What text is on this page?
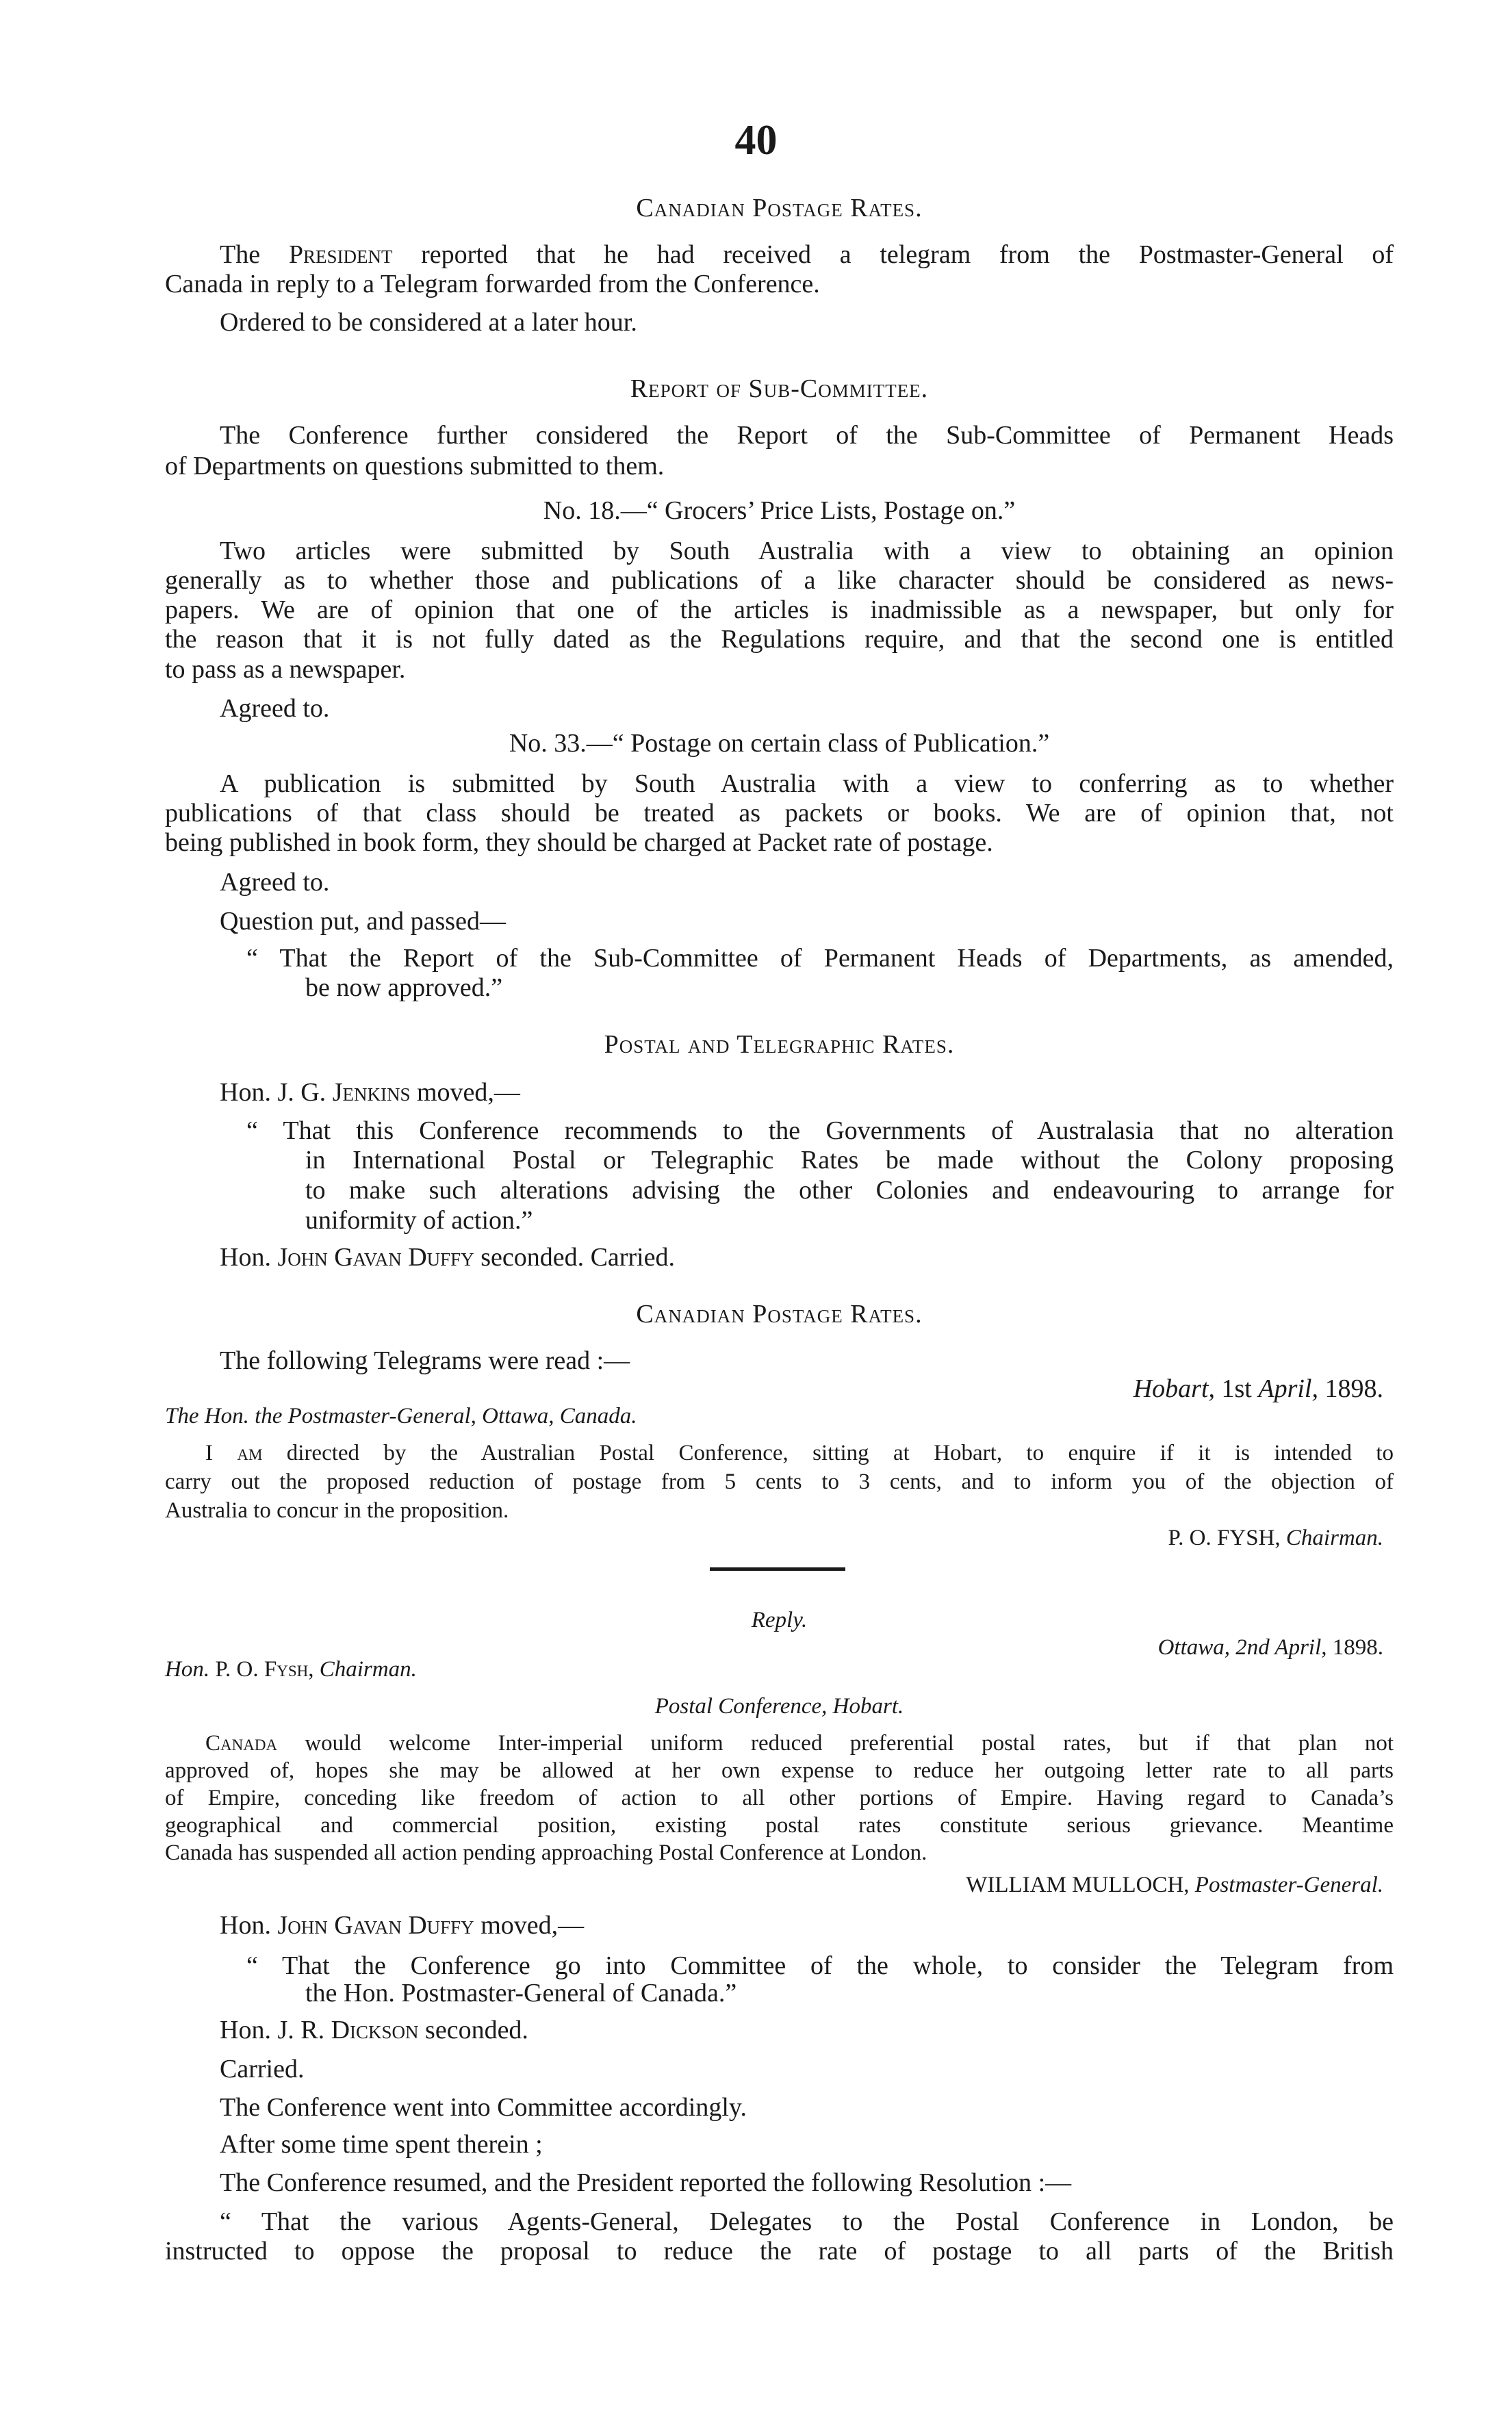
40
Canadian Postage Rates.
The President reported that he had received a telegram from the Postmaster-General of
Canada in reply to a Telegram forwarded from the Conference.
Ordered to be considered at a later hour.
Report of Sub-Committee.
The Conference further considered the Report of the Sub-Committee of Permanent Heads
of Departments on questions submitted to them.
No. 18.—“ Grocers’ Price Lists, Postage on.”
Two articles were submitted by South Australia with a view to obtaining an opinion
generally as to whether those and publications of a like character should be considered as news-
papers. We are of opinion that one of the articles is inadmissible as a newspaper, but only for
the reason that it is not fully dated as the Regulations require, and that the second one is entitled
to pass as a newspaper.
Agreed to.
No. 33.—“ Postage on certain class of Publication.”
A publication is submitted by South Australia with a view to conferring as to whether
publications of that class should be treated as packets or books. We are of opinion that, not
being published in book form, they should be charged at Packet rate of postage.
Agreed to.
Question put, and passed—
“ That the Report of the Sub-Committee of Permanent Heads of Departments, as amended,
be now approved.”
Postal and Telegraphic Rates.
Hon. J. G. Jenkins moved,—
“ That this Conference recommends to the Governments of Australasia that no alteration
in International Postal or Telegraphic Rates be made without the Colony proposing
to make such alterations advising the other Colonies and endeavouring to arrange for
uniformity of action.”
Hon. John Gavan Duffy seconded. Carried.
Canadian Postage Rates.
The following Telegrams were read :—
Hobart, 1st April, 1898.
The Hon. the Postmaster-General, Ottawa, Canada.
I am directed by the Australian Postal Conference, sitting at Hobart, to enquire if it is intended to
carry out the proposed reduction of postage from 5 cents to 3 cents, and to inform you of the objection of
Australia to concur in the proposition.
P. O. FYSH, Chairman.
Reply.
Ottawa, 2nd April, 1898.
Hon. P. O. Fysh, Chairman.
Postal Conference, Hobart.
Canada would welcome Inter-imperial uniform reduced preferential postal rates, but if that plan not
approved of, hopes she may be allowed at her own expense to reduce her outgoing letter rate to all parts
of Empire, conceding like freedom of action to all other portions of Empire. Having regard to Canada’s
geographical and commercial position, existing postal rates constitute serious grievance. Meantime
Canada has suspended all action pending approaching Postal Conference at London.
WILLIAM MULLOCH, Postmaster-General.
Hon. John Gavan Duffy moved,—
“ That the Conference go into Committee of the whole, to consider the Telegram from
the Hon. Postmaster-General of Canada.”
Hon. J. R. Dickson seconded.
Carried.
The Conference went into Committee accordingly.
After some time spent therein ;
The Conference resumed, and the President reported the following Resolution :—
“ That the various Agents-General, Delegates to the Postal Conference in London, be
instructed to oppose the proposal to reduce the rate of postage to all parts of the British
